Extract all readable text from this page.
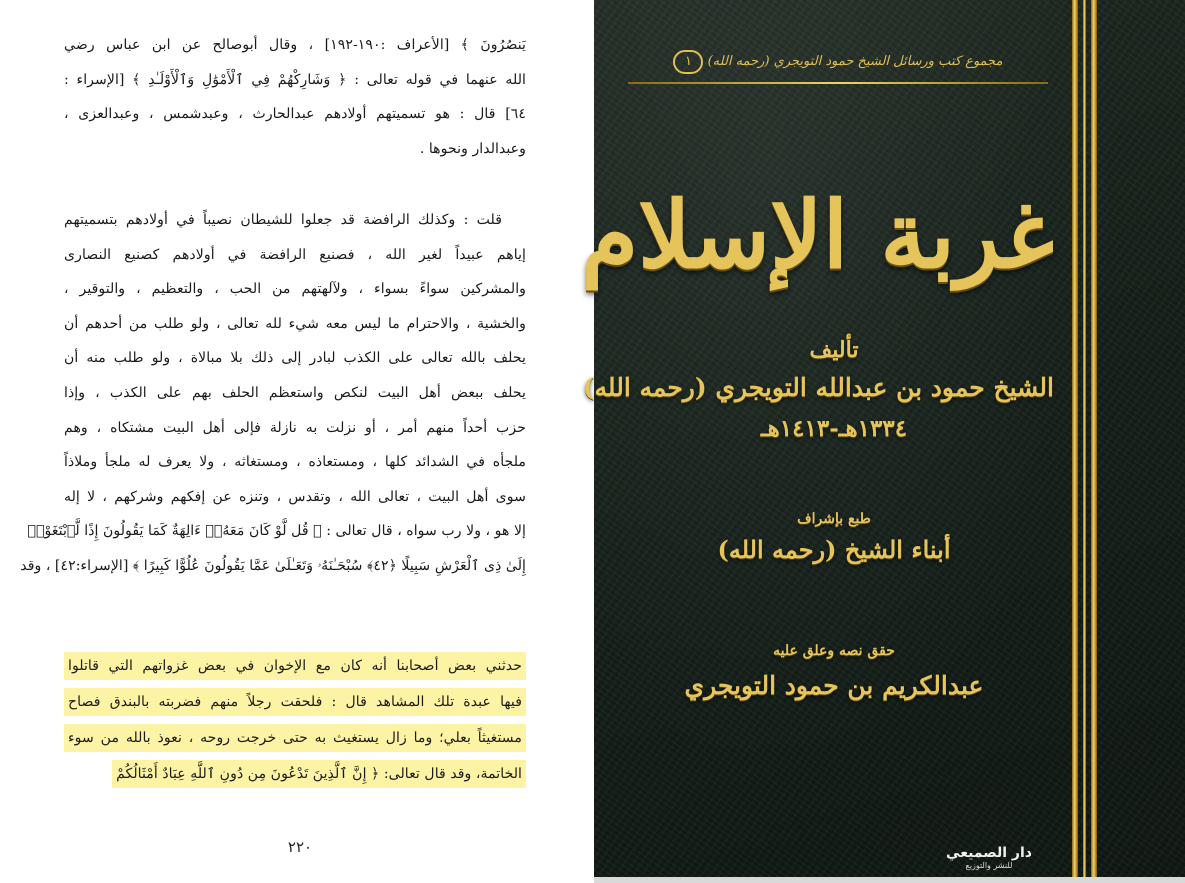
يَنصُرُونَ ﴾ [الأعراف :١٩٠-١٩٢] ، وقال أبوصالح عن ابن عباس رضي
الله عنهما في قوله تعالى : ﴿ وَشَارِكْهُمْ فِي ٱلْأَمْوَٰلِ وَٱلْأَوْلَـٰدِ ﴾ [الإسراء :
٦٤] قال : هو تسميتهم أولادهم عبدالحارث ، وعبدشمس ، وعبدالعزى ،
وعبدالدار ونحوها .
قلت : وكذلك الرافضة قد جعلوا للشيطان نصيباً في أولادهم بتسميتهم
إياهم عبيداً لغير الله ، فصنيع الرافضة في أولادهم كصنيع النصارى
والمشركين سواءً بسواء ، ولآلهتهم من الحب ، والتعظيم ، والتوقير ،
والخشية ، والاحترام ما ليس معه شيء لله تعالى ، ولو طلب من أحدهم أن
يحلف بالله تعالى على الكذب لبادر إلى ذلك بلا مبالاة ، ولو طلب منه أن
يحلف ببعض أهل البيت لنكص واستعظم الحلف بهم على الكذب ، وإذا
حزب أحداً منهم أمر ، أو نزلت به نازلة فإلى أهل البيت مشتكاه ، وهم
ملجأه في الشدائد كلها ، ومستعاذه ، ومستغاثه ، ولا يعرف له ملجأ وملاذاً
سوى أهل البيت ، تعالى الله ، وتقدس ، وتنزه عن إفكهم وشركهم ، لا إله
إلا هو ، ولا رب سواه ، قال تعالى : ﴿ قُل لَّوْ كَانَ مَعَهُۥٓ ءَالِهَةٌ كَمَا يَقُولُونَ إِذًا لَّٱبْتَغَوْا۟
إِلَىٰ ذِى ٱلْعَرْشِ سَبِيلًا ﴿٤٢﴾ سُبْحَـٰنَهُۥ وَتَعَـٰلَىٰ عَمَّا يَقُولُونَ عُلُوًّا كَبِيرًا ﴾ [الإسراء:٤٢] ، وقد
حدثني بعض أصحابنا أنه كان مع الإخوان في بعض غزواتهم التي قاتلوا
فيها عبدة تلك المشاهد قال : فلحقت رجلاً منهم فضربته بالبندق فصاح
مستغيثاً بعلي؛ وما زال يستغيث به حتى خرجت روحه ، نعوذ بالله من سوء
الخاتمة، وقد قال تعالى: ﴿ إِنَّ ٱلَّذِينَ تَدْعُونَ مِن دُونِ ٱللَّهِ عِبَادٌ أَمْثَالُكُمْ
٢٢٠
مجموع كتب ورسائل الشيخ حمود التويجري (رحمه الله) ١
غربة الإسلام
تأليف
الشيخ حمود بن عبدالله التويجري (رحمه الله)
١٣٣٤هـ-١٤١٣هـ
طبع بإشراف
أبناء الشيخ (رحمه الله)
حقق نصه وعلق عليه
عبدالكريم بن حمود التويجري
دار الصميعي
للنشر والتوزيع
